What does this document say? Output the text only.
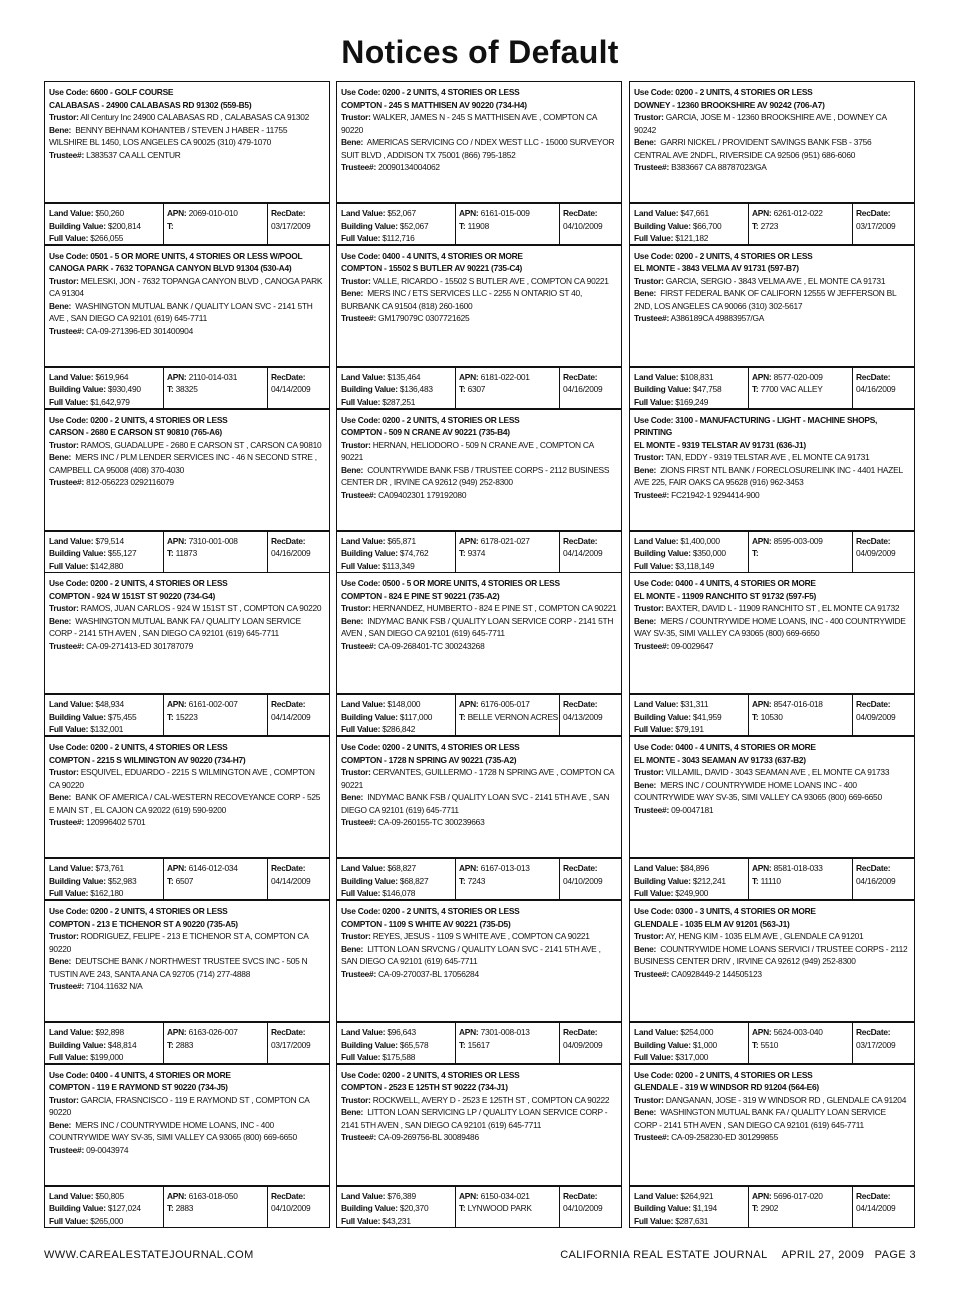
Notices of Default
Use Code: 6600 - GOLF COURSE
CALABASAS - 24900 CALABASAS RD 91302 (559-B5)
Trustor: All Century Inc 24900 CALABASAS RD , CALABASAS CA 91302
Bene: BENNY BEHNAM KOHANTEB / STEVEN J HABER - 11755 WILSHIRE BL 1450, LOS ANGELES CA 90025 (310) 479-1070
Trustee#: L383537 CA ALL CENTUR
Land Value: $50,260
Building Value: $200,814
Full Value: $266,055
APN: 2069-010-010
T:
RecDate:
03/17/2009
Use Code: 0501 - 5 OR MORE UNITS, 4 STORIES OR LESS W/POOL
CANOGA PARK - 7632 TOPANGA CANYON BLVD 91304 (530-A4)
Trustor: MELESKI, JON - 7632 TOPANGA CANYON BLVD , CANOGA PARK CA 91304
Bene: WASHINGTON MUTUAL BANK / QUALITY LOAN SVC - 2141 5TH AVE , SAN DIEGO CA 92101 (619) 645-7711
Trustee#: CA-09-271396-ED 301400904
Land Value: $619,964
Building Value: $930,490
Full Value: $1,642,979
APN: 2110-014-031
T: 38325
RecDate:
04/14/2009
Use Code: 0200 - 2 UNITS, 4 STORIES OR LESS
CARSON - 2680 E CARSON ST 90810 (765-A6)
Trustor: RAMOS, GUADALUPE - 2680 E CARSON ST , CARSON CA 90810
Bene: MERS INC / PLM LENDER SERVICES INC - 46 N SECOND STRE , CAMPBELL CA 95008 (408) 370-4030
Trustee#: 812-056223 0292116079
Land Value: $79,514
Building Value: $55,127
Full Value: $142,880
APN: 7310-001-008
T: 11873
RecDate:
04/16/2009
Use Code: 0200 - 2 UNITS, 4 STORIES OR LESS
COMPTON - 924 W 151ST ST 90220 (734-G4)
Trustor: RAMOS, JUAN CARLOS - 924 W 151ST ST , COMPTON CA 90220
Bene: WASHINGTON MUTUAL BANK FA / QUALITY LOAN SERVICE CORP - 2141 5TH AVEN , SAN DIEGO CA 92101 (619) 645-7711
Trustee#: CA-09-271413-ED 301787079
Land Value: $48,934
Building Value: $75,455
Full Value: $132,001
APN: 6161-002-007
T: 15223
RecDate:
04/14/2009
Use Code: 0200 - 2 UNITS, 4 STORIES OR LESS
COMPTON - 2215 S WILMINGTON AV 90220 (734-H7)
Trustor: ESQUIVEL, EDUARDO - 2215 S WILMINGTON AVE , COMPTON CA 90220
Bene: BANK OF AMERICA / CAL-WESTERN RECOVEYANCE CORP - 525 E MAIN ST , EL CAJON CA 92022 (619) 590-9200
Trustee#: 120996402 5701
Land Value: $73,761
Building Value: $52,983
Full Value: $162,180
APN: 6146-012-034
T: 6507
RecDate:
04/14/2009
Use Code: 0200 - 2 UNITS, 4 STORIES OR LESS
COMPTON - 213 E TICHENOR ST A 90220 (735-A5)
Trustor: RODRIGUEZ, FELIPE - 213 E TICHENOR ST A, COMPTON CA 90220
Bene: DEUTSCHE BANK / NORTHWEST TRUSTEE SVCS INC - 505 N TUSTIN AVE 243, SANTA ANA CA 92705 (714) 277-4888
Trustee#: 7104.11632 N/A
Land Value: $92,898
Building Value: $48,814
Full Value: $199,000
APN: 6163-026-007
T: 2883
RecDate:
03/17/2009
Use Code: 0400 - 4 UNITS, 4 STORIES OR MORE
COMPTON - 119 E RAYMOND ST 90220 (734-J5)
Trustor: GARCIA, FRASNCISCO - 119 E RAYMOND ST , COMPTON CA 90220
Bene: MERS INC / COUNTRYWIDE HOME LOANS, INC - 400 COUNTRYWIDE WAY SV-35, SIMI VALLEY CA 93065 (800) 669-6650
Trustee#: 09-0043974
Land Value: $50,805
Building Value: $127,024
Full Value: $265,000
APN: 6163-018-050
T: 2883
RecDate:
04/10/2009
Use Code: 0200 - 2 UNITS, 4 STORIES OR LESS
COMPTON - 245 S MATTHISEN AV 90220 (734-H4)
Trustor: WALKER, JAMES N - 245 S MATTHISEN AVE , COMPTON CA 90220
Bene: AMERICAS SERVICING CO / NDEX WEST LLC - 15000 SURVEYOR SUIT BLVD , ADDISON TX 75001 (866) 795-1852
Trustee#: 20090134004062
Land Value: $52,067
Building Value: $52,067
Full Value: $112,716
APN: 6161-015-009
T: 11908
RecDate:
04/10/2009
Use Code: 0400 - 4 UNITS, 4 STORIES OR MORE
COMPTON - 15502 S BUTLER AV 90221 (735-C4)
Trustor: VALLE, RICARDO - 15502 S BUTLER AVE , COMPTON CA 90221
Bene: MERS INC / ETS SERVICES LLC - 2255 N ONTARIO ST 40, BURBANK CA 91504 (818) 260-1600
Trustee#: GM179079C 0307721625
Land Value: $135,464
Building Value: $136,483
Full Value: $287,251
APN: 6181-022-001
T: 6307
RecDate:
04/16/2009
Use Code: 0200 - 2 UNITS, 4 STORIES OR LESS
COMPTON - 509 N CRANE AV 90221 (735-B4)
Trustor: HERNAN, HELIODORO - 509 N CRANE AVE , COMPTON CA 90221
Bene: COUNTRYWIDE BANK FSB / TRUSTEE CORPS - 2112 BUSINESS CENTER DR , IRVINE CA 92612 (949) 252-8300
Trustee#: CA09402301 179192080
Land Value: $65,871
Building Value: $74,762
Full Value: $113,349
APN: 6178-021-027
T: 9374
RecDate:
04/14/2009
Use Code: 0500 - 5 OR MORE UNITS, 4 STORIES OR LESS
COMPTON - 824 E PINE ST 90221 (735-A2)
Trustor: HERNANDEZ, HUMBERTO - 824 E PINE ST , COMPTON CA 90221
Bene: INDYMAC BANK FSB / QUALITY LOAN SERVICE CORP - 2141 5TH AVEN , SAN DIEGO CA 92101 (619) 645-7711
Trustee#: CA-09-268401-TC 300243268
Land Value: $148,000
Building Value: $117,000
Full Value: $286,842
APN: 6176-005-017
T: BELLE VERNON ACRES
RecDate:
04/13/2009
Use Code: 0200 - 2 UNITS, 4 STORIES OR LESS
COMPTON - 1728 N SPRING AV 90221 (735-A2)
Trustor: CERVANTES, GUILLERMO - 1728 N SPRING AVE , COMPTON CA 90221
Bene: INDYMAC BANK FSB / QUALITY LOAN SVC - 2141 5TH AVE , SAN DIEGO CA 92101 (619) 645-7711
Trustee#: CA-09-260155-TC 300239663
Land Value: $68,827
Building Value: $68,827
Full Value: $146,078
APN: 6167-013-013
T: 7243
RecDate:
04/10/2009
Use Code: 0200 - 2 UNITS, 4 STORIES OR LESS
COMPTON - 1109 S WHITE AV 90221 (735-D5)
Trustor: REYES, JESUS - 1109 S WHITE AVE , COMPTON CA 90221
Bene: LITTON LOAN SRVCNG / QUALITY LOAN SVC - 2141 5TH AVE , SAN DIEGO CA 92101 (619) 645-7711
Trustee#: CA-09-270037-BL 17056284
Land Value: $96,643
Building Value: $65,578
Full Value: $175,588
APN: 7301-008-013
T: 15617
RecDate:
04/09/2009
Use Code: 0200 - 2 UNITS, 4 STORIES OR LESS
COMPTON - 2523 E 125TH ST 90222 (734-J1)
Trustor: ROCKWELL, AVERY D - 2523 E 125TH ST , COMPTON CA 90222
Bene: LITTON LOAN SERVICING LP / QUALITY LOAN SERVICE CORP - 2141 5TH AVEN , SAN DIEGO CA 92101 (619) 645-7711
Trustee#: CA-09-269756-BL 30089486
Land Value: $76,389
Building Value: $20,370
Full Value: $43,231
APN: 6150-034-021
T: LYNWOOD PARK
RecDate:
04/10/2009
Use Code: 0200 - 2 UNITS, 4 STORIES OR LESS
DOWNEY - 12360 BROOKSHIRE AV 90242 (706-A7)
Trustor: GARCIA, JOSE M - 12360 BROOKSHIRE AVE , DOWNEY CA 90242
Bene: GARRI NICKEL / PROVIDENT SAVINGS BANK FSB - 3756 CENTRAL AVE 2NDFL, RIVERSIDE CA 92506 (951) 686-6060
Trustee#: B383667 CA 88787023/GA
Land Value: $47,661
Building Value: $66,700
Full Value: $121,182
APN: 6261-012-022
T: 2723
RecDate:
03/17/2009
Use Code: 0200 - 2 UNITS, 4 STORIES OR LESS
EL MONTE - 3843 VELMA AV 91731 (597-B7)
Trustor: GARCIA, SERGIO - 3843 VELMA AVE , EL MONTE CA 91731
Bene: FIRST FEDERAL BANK OF CALIFORN 12555 W JEFFERSON BL 2ND, LOS ANGELES CA 90066 (310) 302-5617
Trustee#: A386189CA 49883957/GA
Land Value: $108,831
Building Value: $47,758
Full Value: $169,249
APN: 8577-020-009
T: 7700 VAC ALLEY
RecDate:
04/16/2009
Use Code: 3100 - MANUFACTURING - LIGHT - MACHINE SHOPS, PRINTING
EL MONTE - 9319 TELSTAR AV 91731 (636-J1)
Trustor: TAN, EDDY - 9319 TELSTAR AVE , EL MONTE CA 91731
Bene: ZIONS FIRST NTL BANK / FORECLOSURELINK INC - 4401 HAZEL AVE 225, FAIR OAKS CA 95628 (916) 962-3453
Trustee#: FC21942-1 9294414-900
Land Value: $1,400,000
Building Value: $350,000
Full Value: $3,118,149
APN: 8595-003-009
T:
RecDate:
04/09/2009
Use Code: 0400 - 4 UNITS, 4 STORIES OR MORE
EL MONTE - 11909 RANCHITO ST 91732 (597-F5)
Trustor: BAXTER, DAVID L - 11909 RANCHITO ST , EL MONTE CA 91732
Bene: MERS / COUNTRYWIDE HOME LOANS, INC - 400 COUNTRYWIDE WAY SV-35, SIMI VALLEY CA 93065 (800) 669-6650
Trustee#: 09-0029647
Land Value: $31,311
Building Value: $41,959
Full Value: $79,191
APN: 8547-016-018
T: 10530
RecDate:
04/09/2009
Use Code: 0400 - 4 UNITS, 4 STORIES OR MORE
EL MONTE - 3043 SEAMAN AV 91733 (637-B2)
Trustor: VILLAMIL, DAVID - 3043 SEAMAN AVE , EL MONTE CA 91733
Bene: MERS INC / COUNTRYWIDE HOME LOANS INC - 400 COUNTRYWIDE WAY SV-35, SIMI VALLEY CA 93065 (800) 669-6650
Trustee#: 09-0047181
Land Value: $84,896
Building Value: $212,241
Full Value: $249,900
APN: 8581-018-033
T: 11110
RecDate:
04/16/2009
Use Code: 0300 - 3 UNITS, 4 STORIES OR MORE
GLENDALE - 1035 ELM AV 91201 (563-J1)
Trustor: AY, HENG KIM - 1035 ELM AVE , GLENDALE CA 91201
Bene: COUNTRYWIDE HOME LOANS SERVICI / TRUSTEE CORPS - 2112 BUSINESS CENTER DRIV , IRVINE CA 92612 (949) 252-8300
Trustee#: CA0928449-2 144505123
Land Value: $254,000
Building Value: $1,000
Full Value: $317,000
APN: 5624-003-040
T: 5510
RecDate:
03/17/2009
Use Code: 0200 - 2 UNITS, 4 STORIES OR LESS
GLENDALE - 319 W WINDSOR RD 91204 (564-E6)
Trustor: DANGANAN, JOSE - 319 W WINDSOR RD , GLENDALE CA 91204
Bene: WASHINGTON MUTUAL BANK FA / QUALITY LOAN SERVICE CORP - 2141 5TH AVEN , SAN DIEGO CA 92101 (619) 645-7711
Trustee#: CA-09-258230-ED 301299855
Land Value: $264,921
Building Value: $1,194
Full Value: $287,631
APN: 5696-017-020
T: 2902
RecDate:
04/14/2009
WWW.CAREALESTATEJOURNAL.COM	CALIFORNIA REAL ESTATE JOURNAL APRIL 27, 2009 PAGE 3
